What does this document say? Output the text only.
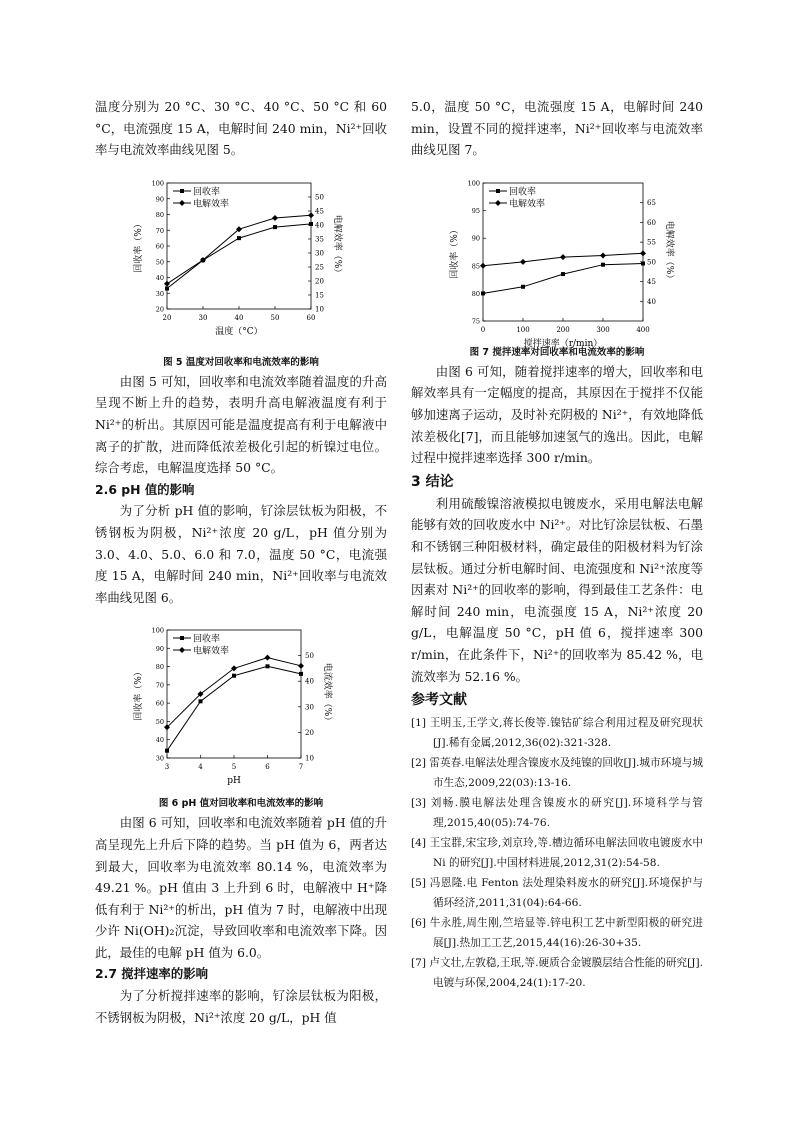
温度分别为 20 °C、30 °C、40 °C、50 °C 和 60 °C，电流强度 15 A，电解时间 240 min，Ni²⁺回收率与电流效率曲线见图 5。

20	30	40	50	60
20
30
40
50
60
70
80
90
100
10
15
20
25
30
35
40
45
50
温度（°C）
回收率（%）	电解效率（%）
回收率
电解效率
图 5 温度对回收率和电流效率的影响

由图 5 可知，回收率和电流效率随着温度的升高呈现不断上升的趋势，表明升高电解液温度有利于 Ni²⁺的析出。其原因可能是温度提高有利于电解液中离子的扩散，进而降低浓差极化引起的析镍过电位。综合考虑，电解温度选择 50 °C。

2.6 pH 值的影响

为了分析 pH 值的影响，钌涂层钛板为阳极，不锈钢板为阴极，Ni²⁺浓度 20 g/L，pH 值分别为 3.0、4.0、5.0、6.0 和 7.0，温度 50 °C，电流强度 15 A，电解时间 240 min，Ni²⁺回收率与电流效率曲线见图 6。

3	4	5	6	7
30
40
50
60
70
80
90
100
10
20
30
40
50
pH
回收率（%）	电流效率（%）
回收率
电解效率
图 6 pH 值对回收率和电流效率的影响

由图 6 可知，回收率和电流效率随着 pH 值的升高呈现先上升后下降的趋势。当 pH 值为 6，两者达到最大，回收率为电流效率 80.14 %，电流效率为 49.21 %。pH 值由 3 上升到 6 时，电解液中 H⁺降低有利于 Ni²⁺的析出，pH 值为 7 时，电解液中出现少许 Ni(OH)₂沉淀，导致回收率和电流效率下降。因此，最佳的电解 pH 值为 6.0。

2.7 搅拌速率的影响

为了分析搅拌速率的影响，钌涂层钛板为阳极，不锈钢板为阴极，Ni²⁺浓度 20 g/L，pH 值

5.0，温度 50 °C，电流强度 15 A，电解时间 240 min，设置不同的搅拌速率，Ni²⁺回收率与电流效率曲线见图 7。

0	100	200	300	400
75
80
85
90
95
100
40
45
50
55
60
65
搅拌速率（r/min）
回收率（%）	电解效率（%）
回收率
电解效率
图 7 搅拌速率对回收率和电流效率的影响

由图 6 可知，随着搅拌速率的增大，回收率和电解效率具有一定幅度的提高，其原因在于搅拌不仅能够加速离子运动，及时补充阴极的 Ni²⁺，有效地降低浓差极化[7]，而且能够加速氢气的逸出。因此，电解过程中搅拌速率选择 300 r/min。

3 结论

利用硫酸镍溶液模拟电镀废水，采用电解法电解能够有效的回收废水中 Ni²⁺。对比钌涂层钛板、石墨和不锈钢三种阳极材料，确定最佳的阳极材料为钌涂层钛板。通过分析电解时间、电流强度和 Ni²⁺浓度等因素对 Ni²⁺的回收率的影响，得到最佳工艺条件：电解时间 240 min，电流强度 15 A，Ni²⁺浓度 20 g/L，电解温度 50 °C，pH 值 6，搅拌速率 300 r/min，在此条件下，Ni²⁺的回收率为 85.42 %，电流效率为 52.16 %。

参考文献
[1] 王明玉,王学文,蒋长俊等.镍钴矿综合利用过程及研究现状[J].稀有金属,2012,36(02):321-328.
[2] 雷英春.电解法处理含镍废水及纯镍的回收[J].城市环境与城市生态,2009,22(03):13-16.
[3] 刘畅.膜电解法处理含镍废水的研究[J].环境科学与管理,2015,40(05):74-76.
[4] 王宝群,宋宝珍,刘京玲,等.槽边循环电解法回收电镀废水中 Ni 的研究[J].中国材料进展,2012,31(2):54-58.
[5] 冯恩隆.电 Fenton 法处理染料废水的研究[J].环境保护与循环经济,2011,31(04):64-66.
[6] 牛永胜,周生刚,竺培显等.锌电积工艺中新型阳极的研究进展[J].热加工工艺,2015,44(16):26-30+35.
[7] 卢文壮,左敦稳,王珉,等.硬质合金镀膜层结合性能的研究[J].电镀与环保,2004,24(1):17-20.
